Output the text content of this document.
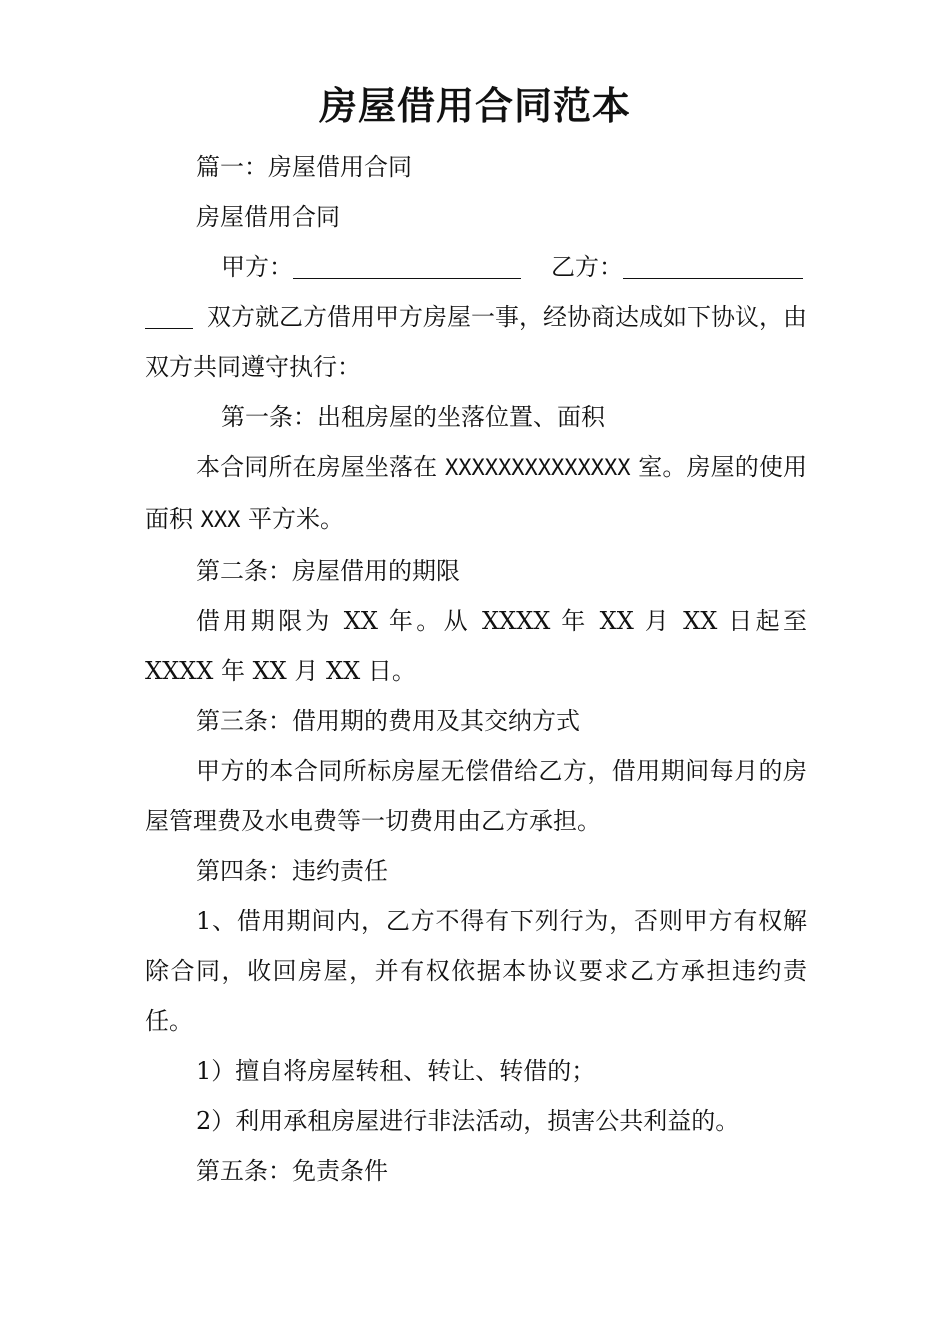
房屋借用合同范本

篇一：房屋借用合同

房屋借用合同

甲方：	乙方：

双方就乙方借用甲方房屋一事，经协商达成如下协议，由双方共同遵守执行：

第一条：出租房屋的坐落位置、面积

本合同所在房屋坐落在 XXXXXXXXXXXXXX 室。房屋的使用面积 XXX 平方米。

第二条：房屋借用的期限

借用期限为 XX 年。从 XXXX 年 XX 月 XX 日起至 XXXX 年 XX 月 XX 日。

第三条：借用期的费用及其交纳方式

甲方的本合同所标房屋无偿借给乙方，借用期间每月的房屋管理费及水电费等一切费用由乙方承担。

第四条：违约责任

1、借用期间内，乙方不得有下列行为，否则甲方有权解除合同，收回房屋，并有权依据本协议要求乙方承担违约责任。

1）擅自将房屋转租、转让、转借的；

2）利用承租房屋进行非法活动，损害公共利益的。

第五条：免责条件
